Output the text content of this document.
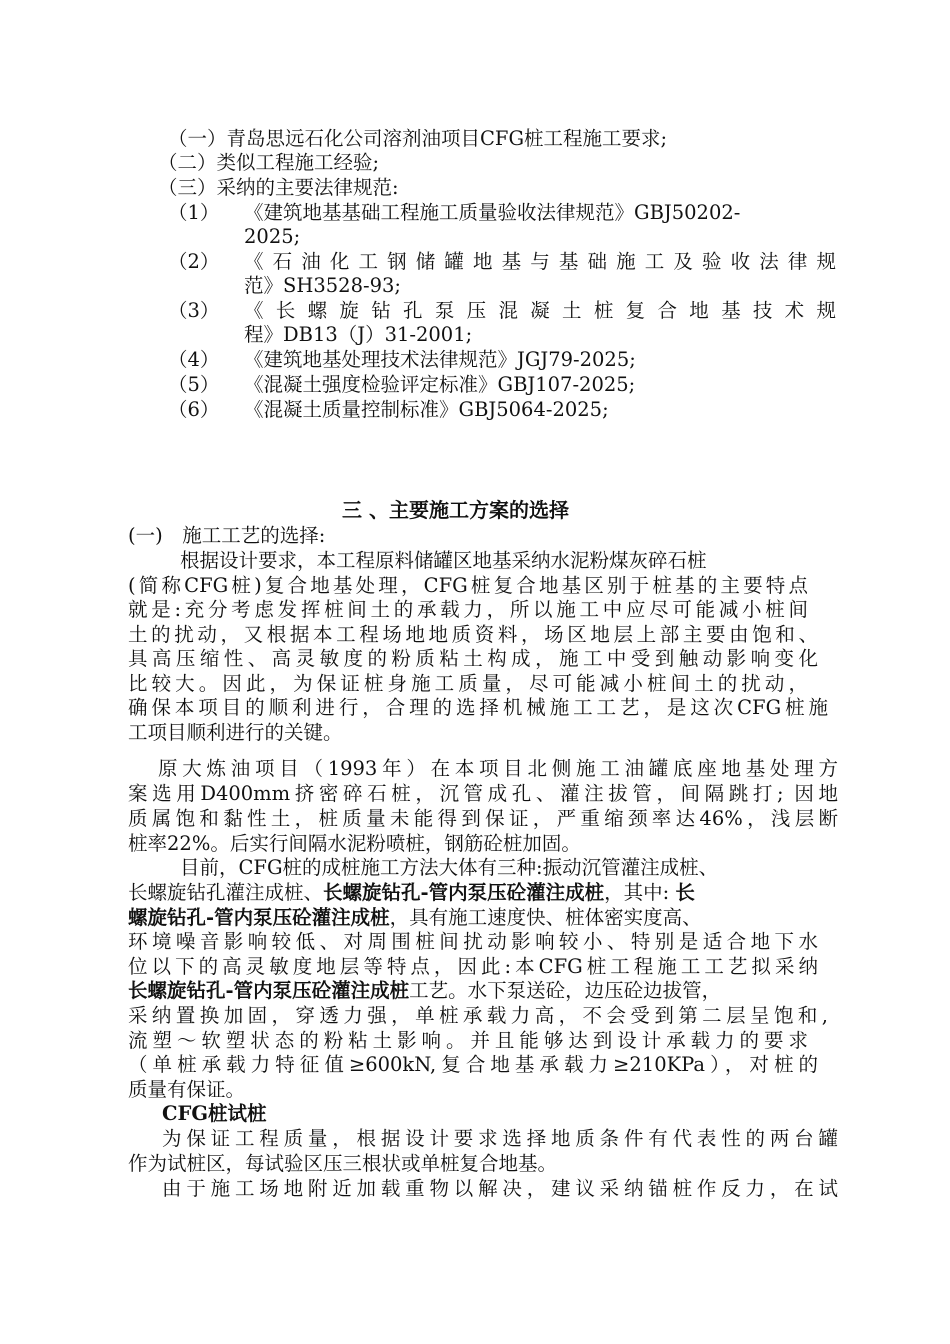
（一）青岛思远石化公司溶剂油项目CFG桩工程施工要求;
（二）类似工程施工经验;
（三）采纳的主要法律规范:
（1） 《建筑地基基础工程施工质量验收法律规范》GBJ50202-
2025;
（2） 《石油化工钢储罐地基与基础施工及验收法律规
范》SH3528-93;
（3） 《长螺旋钻孔泵压混凝土桩复合地基技术规
程》DB13（J）31-2001;
（4） 《建筑地基处理技术法律规范》JGJ79-2025;
（5） 《混凝土强度检验评定标准》GBJ107-2025;
（6） 《混凝土质量控制标准》GBJ5064-2025;
三 、主要施工方案的选择
(一)　施工工艺的选择:
根据设计要求，本工程原料储罐区地基采纳水泥粉煤灰碎石桩
(简称CFG桩)复合地基处理，CFG桩复合地基区别于桩基的主要特点
就是:充分考虑发挥桩间土的承载力，所以施工中应尽可能减小桩间
土的扰动，又根据本工程场地地质资料，场区地层上部主要由饱和、
具高压缩性、高灵敏度的粉质粘土构成，施工中受到触动影响变化
比较大。因此，为保证桩身施工质量，尽可能减小桩间土的扰动，
确保本项目的顺利进行，合理的选择机械施工工艺，是这次CFG桩施
工项目顺利进行的关键。
原大炼油项目（1993年）在本项目北侧施工油罐底座地基处理方
案选用D400mm挤密碎石桩，沉管成孔、灌注拔管，间隔跳打; 因地
质属饱和黏性土，桩质量未能得到保证，严重缩颈率达46%，浅层断
桩率22%。后实行间隔水泥粉喷桩，钢筋砼桩加固。
目前，CFG桩的成桩施工方法大体有三种:振动沉管灌注成桩、
长螺旋钻孔灌注成桩、长螺旋钻孔-管内泵压砼灌注成桩，其中: 长
螺旋钻孔-管内泵压砼灌注成桩，具有施工速度快、桩体密实度高、
环境噪音影响较低、对周围桩间扰动影响较小、特别是适合地下水
位以下的高灵敏度地层等特点，因此:本CFG桩工程施工工艺拟采纳
长螺旋钻孔-管内泵压砼灌注成桩工艺。水下泵送砼，边压砼边拔管，
采纳置换加固，穿透力强，单桩承载力高，不会受到第二层呈饱和,
流塑～软塑状态的粉粘土影响。并且能够达到设计承载力的要求
（单桩承载力特征值≥600kN,复合地基承载力≥210KPa），对桩的
质量有保证。
CFG桩试桩
为保证工程质量，根据设计要求选择地质条件有代表性的两台罐
作为试桩区，每试验区压三根状或单桩复合地基。
由于施工场地附近加载重物以解决，建议采纳锚桩作反力，在试
